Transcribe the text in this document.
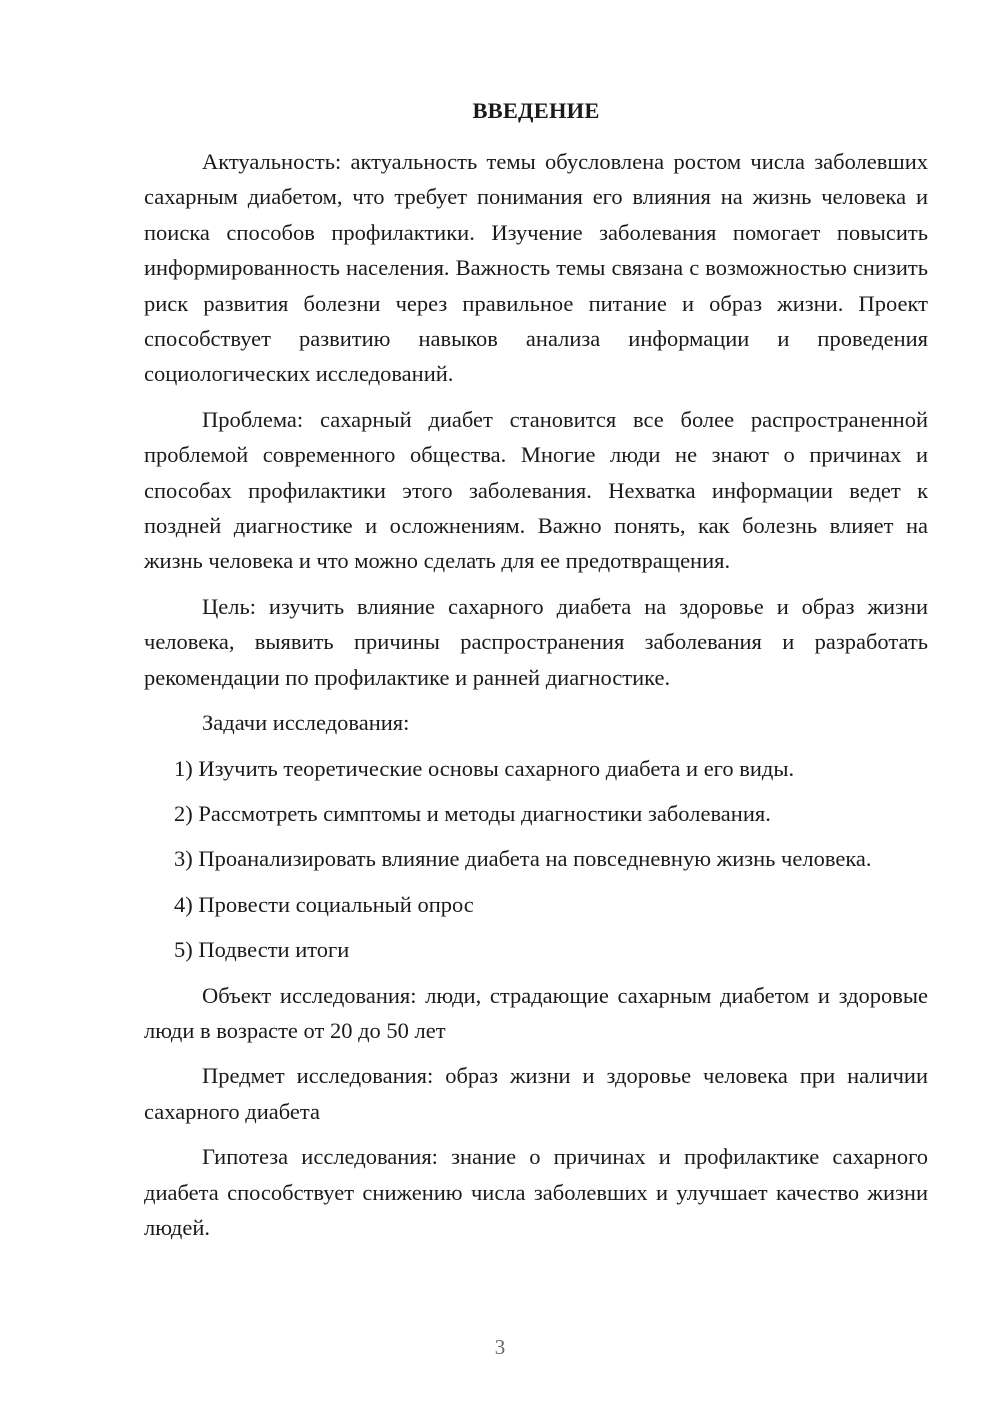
ВВЕДЕНИЕ

Актуальность: актуальность темы обусловлена ростом числа заболевших сахарным диабетом, что требует понимания его влияния на жизнь человека и поиска способов профилактики. Изучение заболевания помогает повысить информированность населения. Важность темы связана с возможностью снизить риск развития болезни через правильное питание и образ жизни. Проект способствует развитию навыков анализа информации и проведения социологических исследований.

Проблема: сахарный диабет становится все более распространенной проблемой современного общества. Многие люди не знают о причинах и способах профилактики этого заболевания. Нехватка информации ведет к поздней диагностике и осложнениям. Важно понять, как болезнь влияет на жизнь человека и что можно сделать для ее предотвращения.

Цель: изучить влияние сахарного диабета на здоровье и образ жизни человека, выявить причины распространения заболевания и разработать рекомендации по профилактике и ранней диагностике.

Задачи исследования:

1) Изучить теоретические основы сахарного диабета и его виды.

2) Рассмотреть симптомы и методы диагностики заболевания.

3) Проанализировать влияние диабета на повседневную жизнь человека.

4) Провести социальный опрос

5) Подвести итоги

Объект исследования: люди, страдающие сахарным диабетом и здоровые люди в возрасте от 20 до 50 лет

Предмет исследования: образ жизни и здоровье человека при наличии сахарного диабета

Гипотеза исследования: знание о причинах и профилактике сахарного диабета способствует снижению числа заболевших и улучшает качество жизни людей.

3
